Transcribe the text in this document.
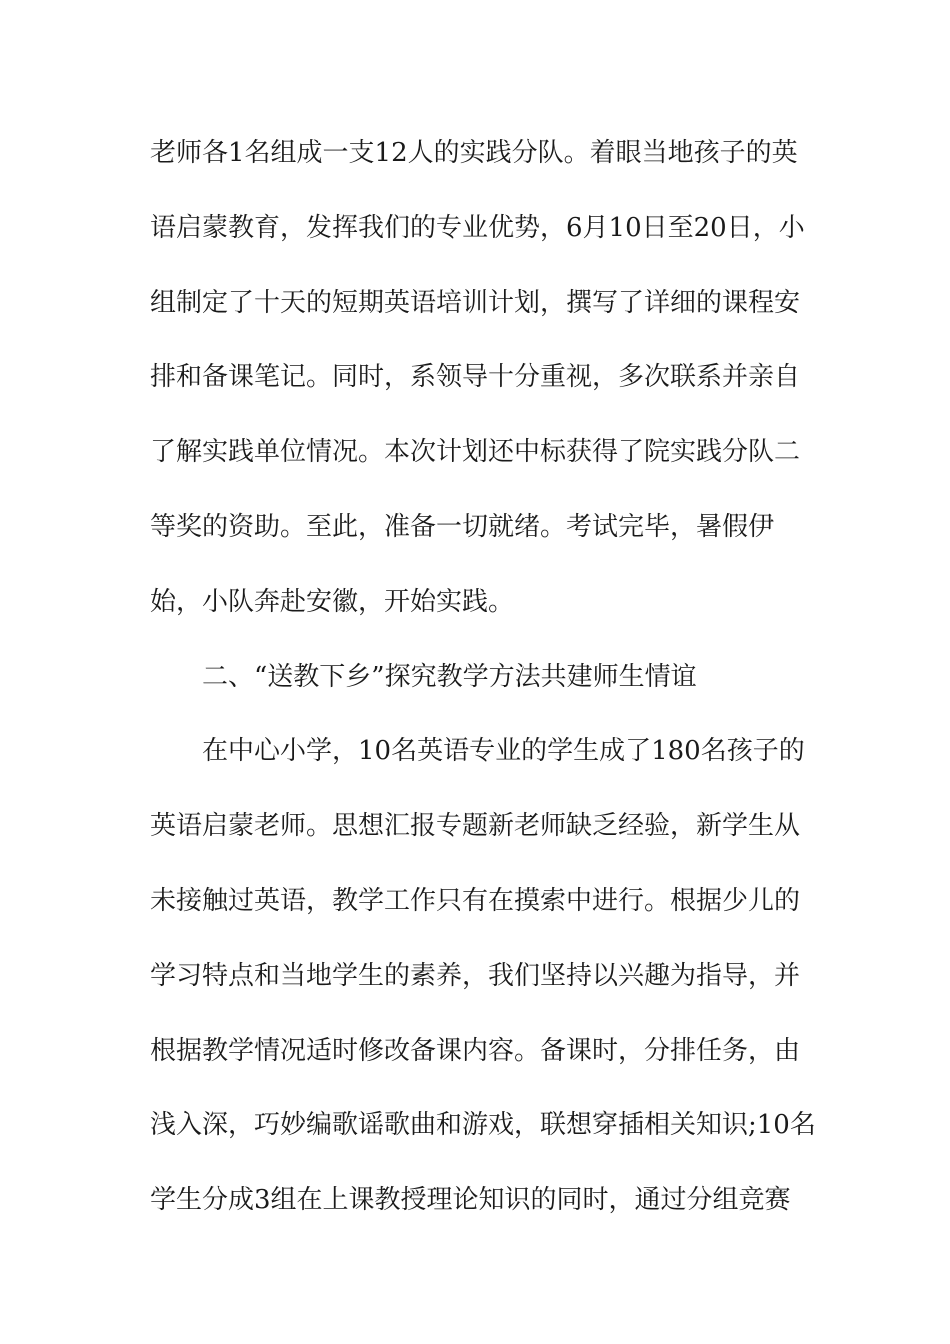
老师各1名组成一支12人的实践分队。着眼当地孩子的英
语启蒙教育，发挥我们的专业优势，6月10日至20日，小
组制定了十天的短期英语培训计划，撰写了详细的课程安
排和备课笔记。同时，系领导十分重视，多次联系并亲自
了解实践单位情况。本次计划还中标获得了院实践分队二
等奖的资助。至此，准备一切就绪。考试完毕，暑假伊
始，小队奔赴安徽，开始实践。
二、“送教下乡”探究教学方法共建师生情谊
在中心小学，10名英语专业的学生成了180名孩子的
英语启蒙老师。思想汇报专题新老师缺乏经验，新学生从
未接触过英语，教学工作只有在摸索中进行。根据少儿的
学习特点和当地学生的素养，我们坚持以兴趣为指导，并
根据教学情况适时修改备课内容。备课时，分排任务，由
浅入深，巧妙编歌谣歌曲和游戏，联想穿插相关知识;10名
学生分成3组在上课教授理论知识的同时，通过分组竞赛
